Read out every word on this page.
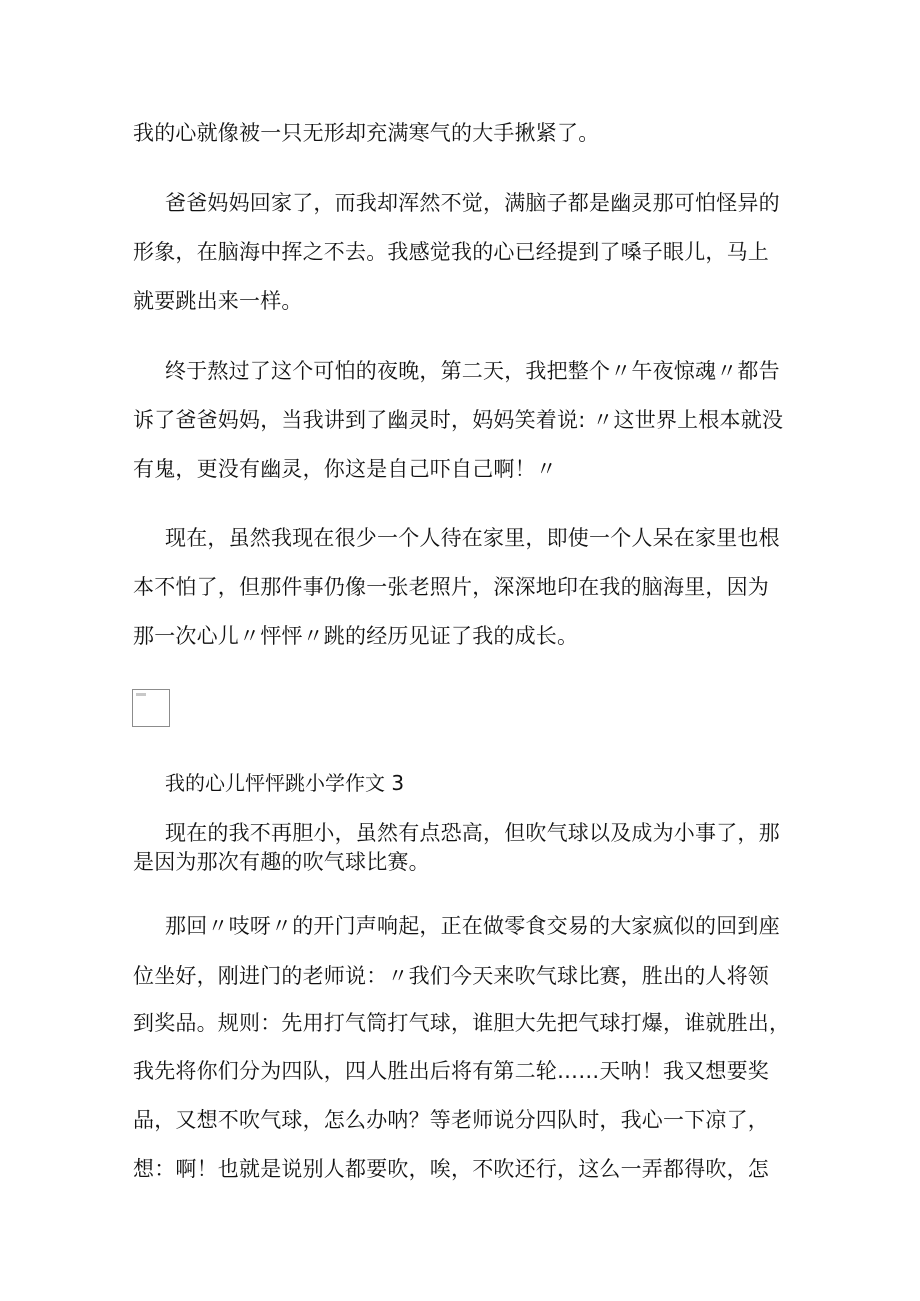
我的心就像被一只无形却充满寒气的大手揪紧了。
爸爸妈妈回家了，而我却浑然不觉，满脑子都是幽灵那可怕怪异的
形象，在脑海中挥之不去。我感觉我的心已经提到了嗓子眼儿，马上
就要跳出来一样。
终于熬过了这个可怕的夜晚，第二天，我把整个〃午夜惊魂〃都告
诉了爸爸妈妈，当我讲到了幽灵时，妈妈笑着说: 〃这世界上根本就没
有鬼，更没有幽灵，你这是自己吓自己啊！〃
现在，虽然我现在很少一个人待在家里，即使一个人呆在家里也根
本不怕了，但那件事仍像一张老照片，深深地印在我的脑海里，因为
那一次心儿〃怦怦〃跳的经历见证了我的成长。
我的心儿怦怦跳小学作文 3
现在的我不再胆小，虽然有点恐高，但吹气球以及成为小事了，那
是因为那次有趣的吹气球比赛。
那回〃吱呀〃的开门声响起，正在做零食交易的大家疯似的回到座
位坐好，刚进门的老师说：〃我们今天来吹气球比赛，胜出的人将领
到奖品。规则：先用打气筒打气球，谁胆大先把气球打爆，谁就胜出，
我先将你们分为四队，四人胜出后将有第二轮……天呐！我又想要奖
品，又想不吹气球，怎么办呐？等老师说分四队时，我心一下凉了，
想：啊！也就是说别人都要吹，唉，不吹还行，这么一弄都得吹，怎
